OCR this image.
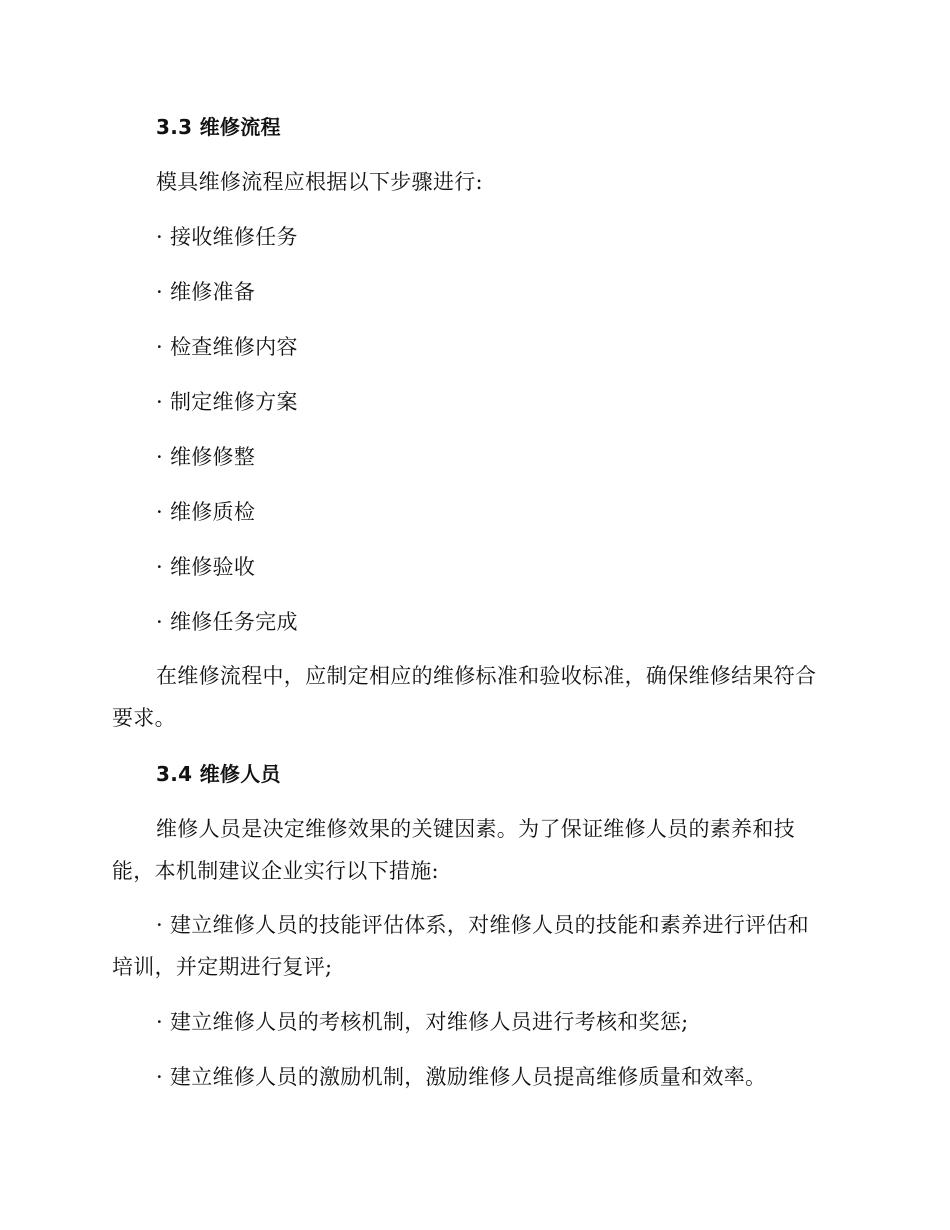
3.3 维修流程
模具维修流程应根据以下步骤进行:
· 接收维修任务
· 维修准备
· 检查维修内容
· 制定维修方案
· 维修修整
· 维修质检
· 维修验收
· 维修任务完成
在维修流程中，应制定相应的维修标准和验收标准，确保维修结果符合
要求。
3.4 维修人员
维修人员是决定维修效果的关键因素。为了保证维修人员的素养和技
能，本机制建议企业实行以下措施:
· 建立维修人员的技能评估体系，对维修人员的技能和素养进行评估和
培训，并定期进行复评;
· 建立维修人员的考核机制，对维修人员进行考核和奖惩;
· 建立维修人员的激励机制，激励维修人员提高维修质量和效率。
